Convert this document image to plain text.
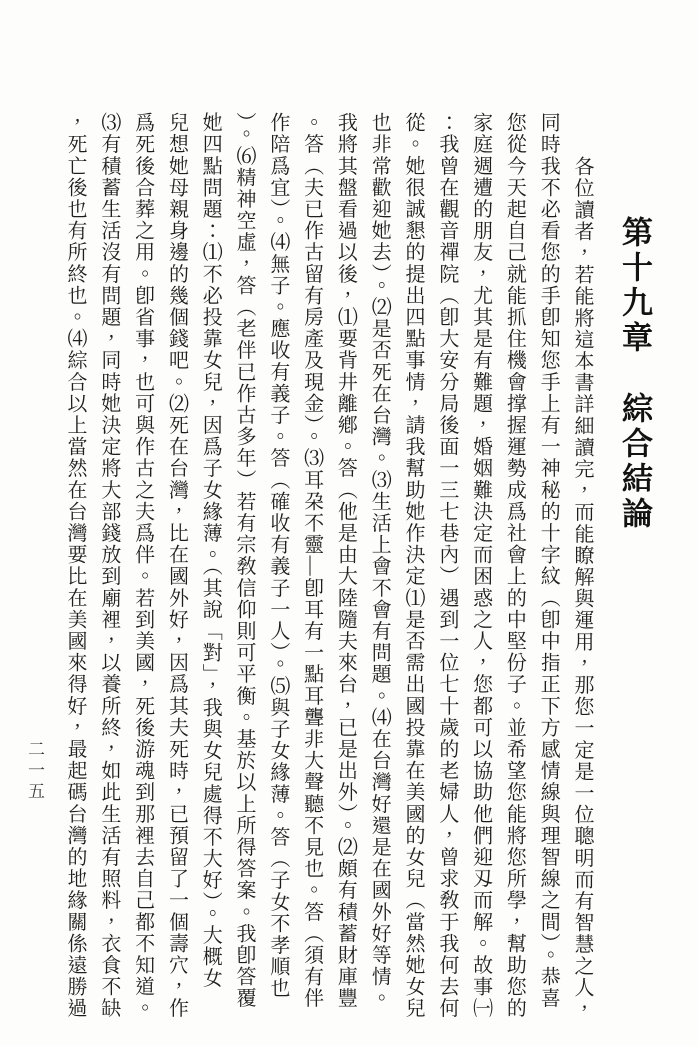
第十九章綜合結論
各位讀者，若能將這本書詳細讀完，而能瞭解與運用，那您一定是一位聰明而有智慧之人，
同時我不必看您的手卽知您手上有一神秘的十字紋（卽中指正下方感情線與理智線之間）。恭喜
您從今天起自己就能抓住機會撑握運勢成爲社會上的中堅份子。並希望您能將您所學，幫助您的
家庭週遭的朋友，尤其是有難題，婚姻難決定而困惑之人，您都可以協助他們迎刄而解。故事㈠
：我曾在觀音禪院（卽大安分局後面一三七巷內）遇到一位七十歲的老婦人，曾求敎于我何去何
從。她很誠懇的提出四點事情，請我幫助她作決定⑴是否需出國投靠在美國的女兒（當然她女兒
也非常歡迎她去）。⑵是否死在台灣。⑶生活上會不會有問題。⑷在台灣好還是在國外好等情。
我將其盤看過以後，⑴要背井離鄕。答（他是由大陸隨夫來台，已是出外）。⑵頗有積蓄財庫豐
。答（夫已作古留有房產及現金）。⑶耳朶不靈—卽耳有一點耳聾非大聲聽不見也。答（須有伴
作陪爲宜）。⑷無子。應收有義子。答（確收有義子一人）。⑸與子女緣薄。答（子女不孝順也
）。⑹精神空虛，答（老伴已作古多年）若有宗敎信仰則可平衡。基於以上所得答案。我卽答覆
她四點問題：⑴不必投靠女兒，因爲子女緣薄。（其說「對」，我與女兒處得不大好）。大概女
兒想她母親身邊的幾個錢吧。⑵死在台灣，比在國外好，因爲其夫死時，已預留了一個壽穴，作
爲死後合葬之用。卽省事，也可與作古之夫爲伴。若到美國，死後游魂到那裡去自己都不知道。
⑶有積蓄生活沒有問題，同時她決定將大部錢放到廟裡，以養所終，如此生活有照料，衣食不缺
，死亡後也有所終也。⑷綜合以上當然在台灣要比在美國來得好，最起碼台灣的地緣關係遠勝過
二一五
